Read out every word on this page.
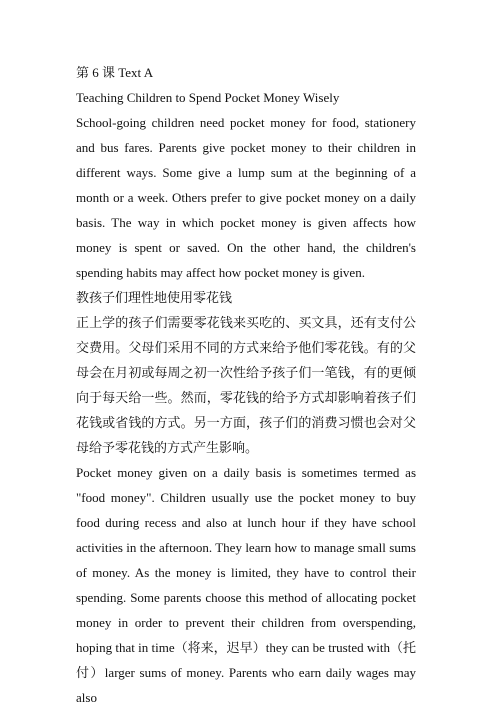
第 6 课 Text A

Teaching Children to Spend Pocket Money Wisely

School-going children need pocket money for food, stationery and bus fares. Parents give pocket money to their children in different ways. Some give a lump sum at the beginning of a month or a week. Others prefer to give pocket money on a daily basis. The way in which pocket money is given affects how money is spent or saved. On the other hand, the children's spending habits may affect how pocket money is given.

教孩子们理性地使用零花钱

正上学的孩子们需要零花钱来买吃的、买文具，还有支付公交费用。父母们采用不同的方式来给予他们零花钱。有的父母会在月初或每周之初一次性给予孩子们一笔钱，有的更倾向于每天给一些。然而，零花钱的给予方式却影响着孩子们花钱或省钱的方式。另一方面，孩子们的消费习惯也会对父母给予零花钱的方式产生影响。

Pocket money given on a daily basis is sometimes termed as "food money". Children usually use the pocket money to buy food during recess and also at lunch hour if they have school activities in the afternoon. They learn how to manage small sums of money. As the money is limited, they have to control their spending. Some parents choose this method of allocating pocket money in order to prevent their children from overspending, hoping that in time（将来，迟早）they can be trusted with（托付）larger sums of money. Parents who earn daily wages may also
